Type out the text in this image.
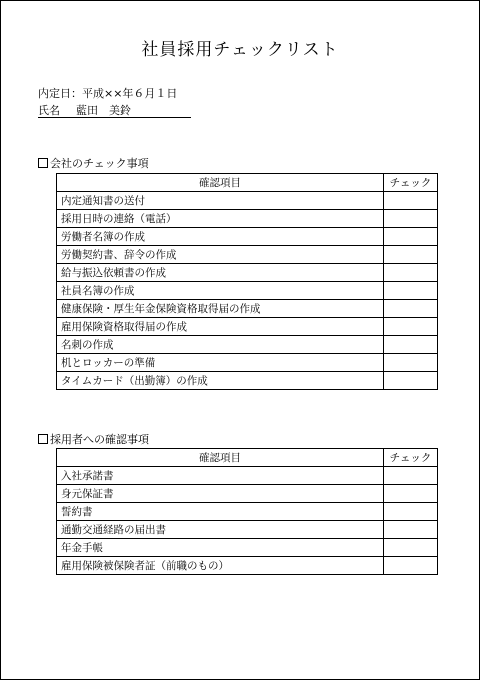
社員採用チェックリスト
内定日：平成××年６月１日
氏名 藍田　美鈴
会社のチェック事項
確認項目	チェック
内定通知書の送付	
採用日時の連絡（電話）	
労働者名簿の作成	
労働契約書、辞令の作成	
給与振込依頼書の作成	
社員名簿の作成	
健康保険・厚生年金保険資格取得届の作成	
雇用保険資格取得届の作成	
名刺の作成	
机とロッカーの準備	
タイムカード（出勤簿）の作成	
採用者への確認事項
確認項目	チェック
入社承諾書	
身元保証書	
誓約書	
通勤交通経路の届出書	
年金手帳	
雇用保険被保険者証（前職のもの）	
